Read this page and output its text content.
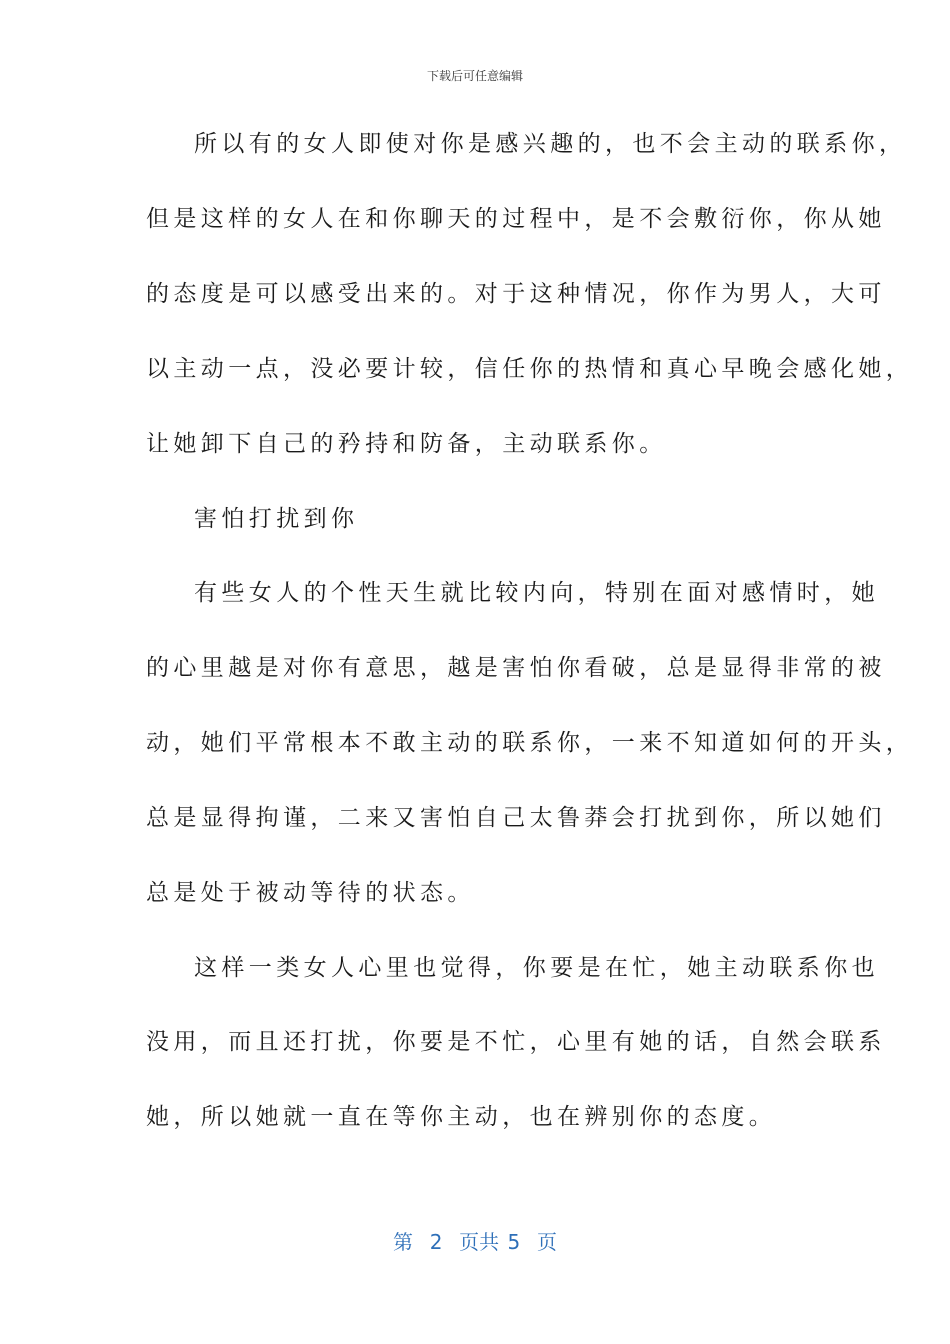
下载后可任意编辑
所以有的女人即使对你是感兴趣的，也不会主动的联系你，
但是这样的女人在和你聊天的过程中，是不会敷衍你，你从她
的态度是可以感受出来的。对于这种情况，你作为男人，大可
以主动一点，没必要计较，信任你的热情和真心早晚会感化她，
让她卸下自己的矜持和防备，主动联系你。
害怕打扰到你
有些女人的个性天生就比较内向，特别在面对感情时，她
的心里越是对你有意思，越是害怕你看破，总是显得非常的被
动，她们平常根本不敢主动的联系你，一来不知道如何的开头，
总是显得拘谨，二来又害怕自己太鲁莽会打扰到你，所以她们
总是处于被动等待的状态。
这样一类女人心里也觉得，你要是在忙，她主动联系你也
没用，而且还打扰，你要是不忙，心里有她的话，自然会联系
她，所以她就一直在等你主动，也在辨别你的态度。
第  2  页共 5  页
